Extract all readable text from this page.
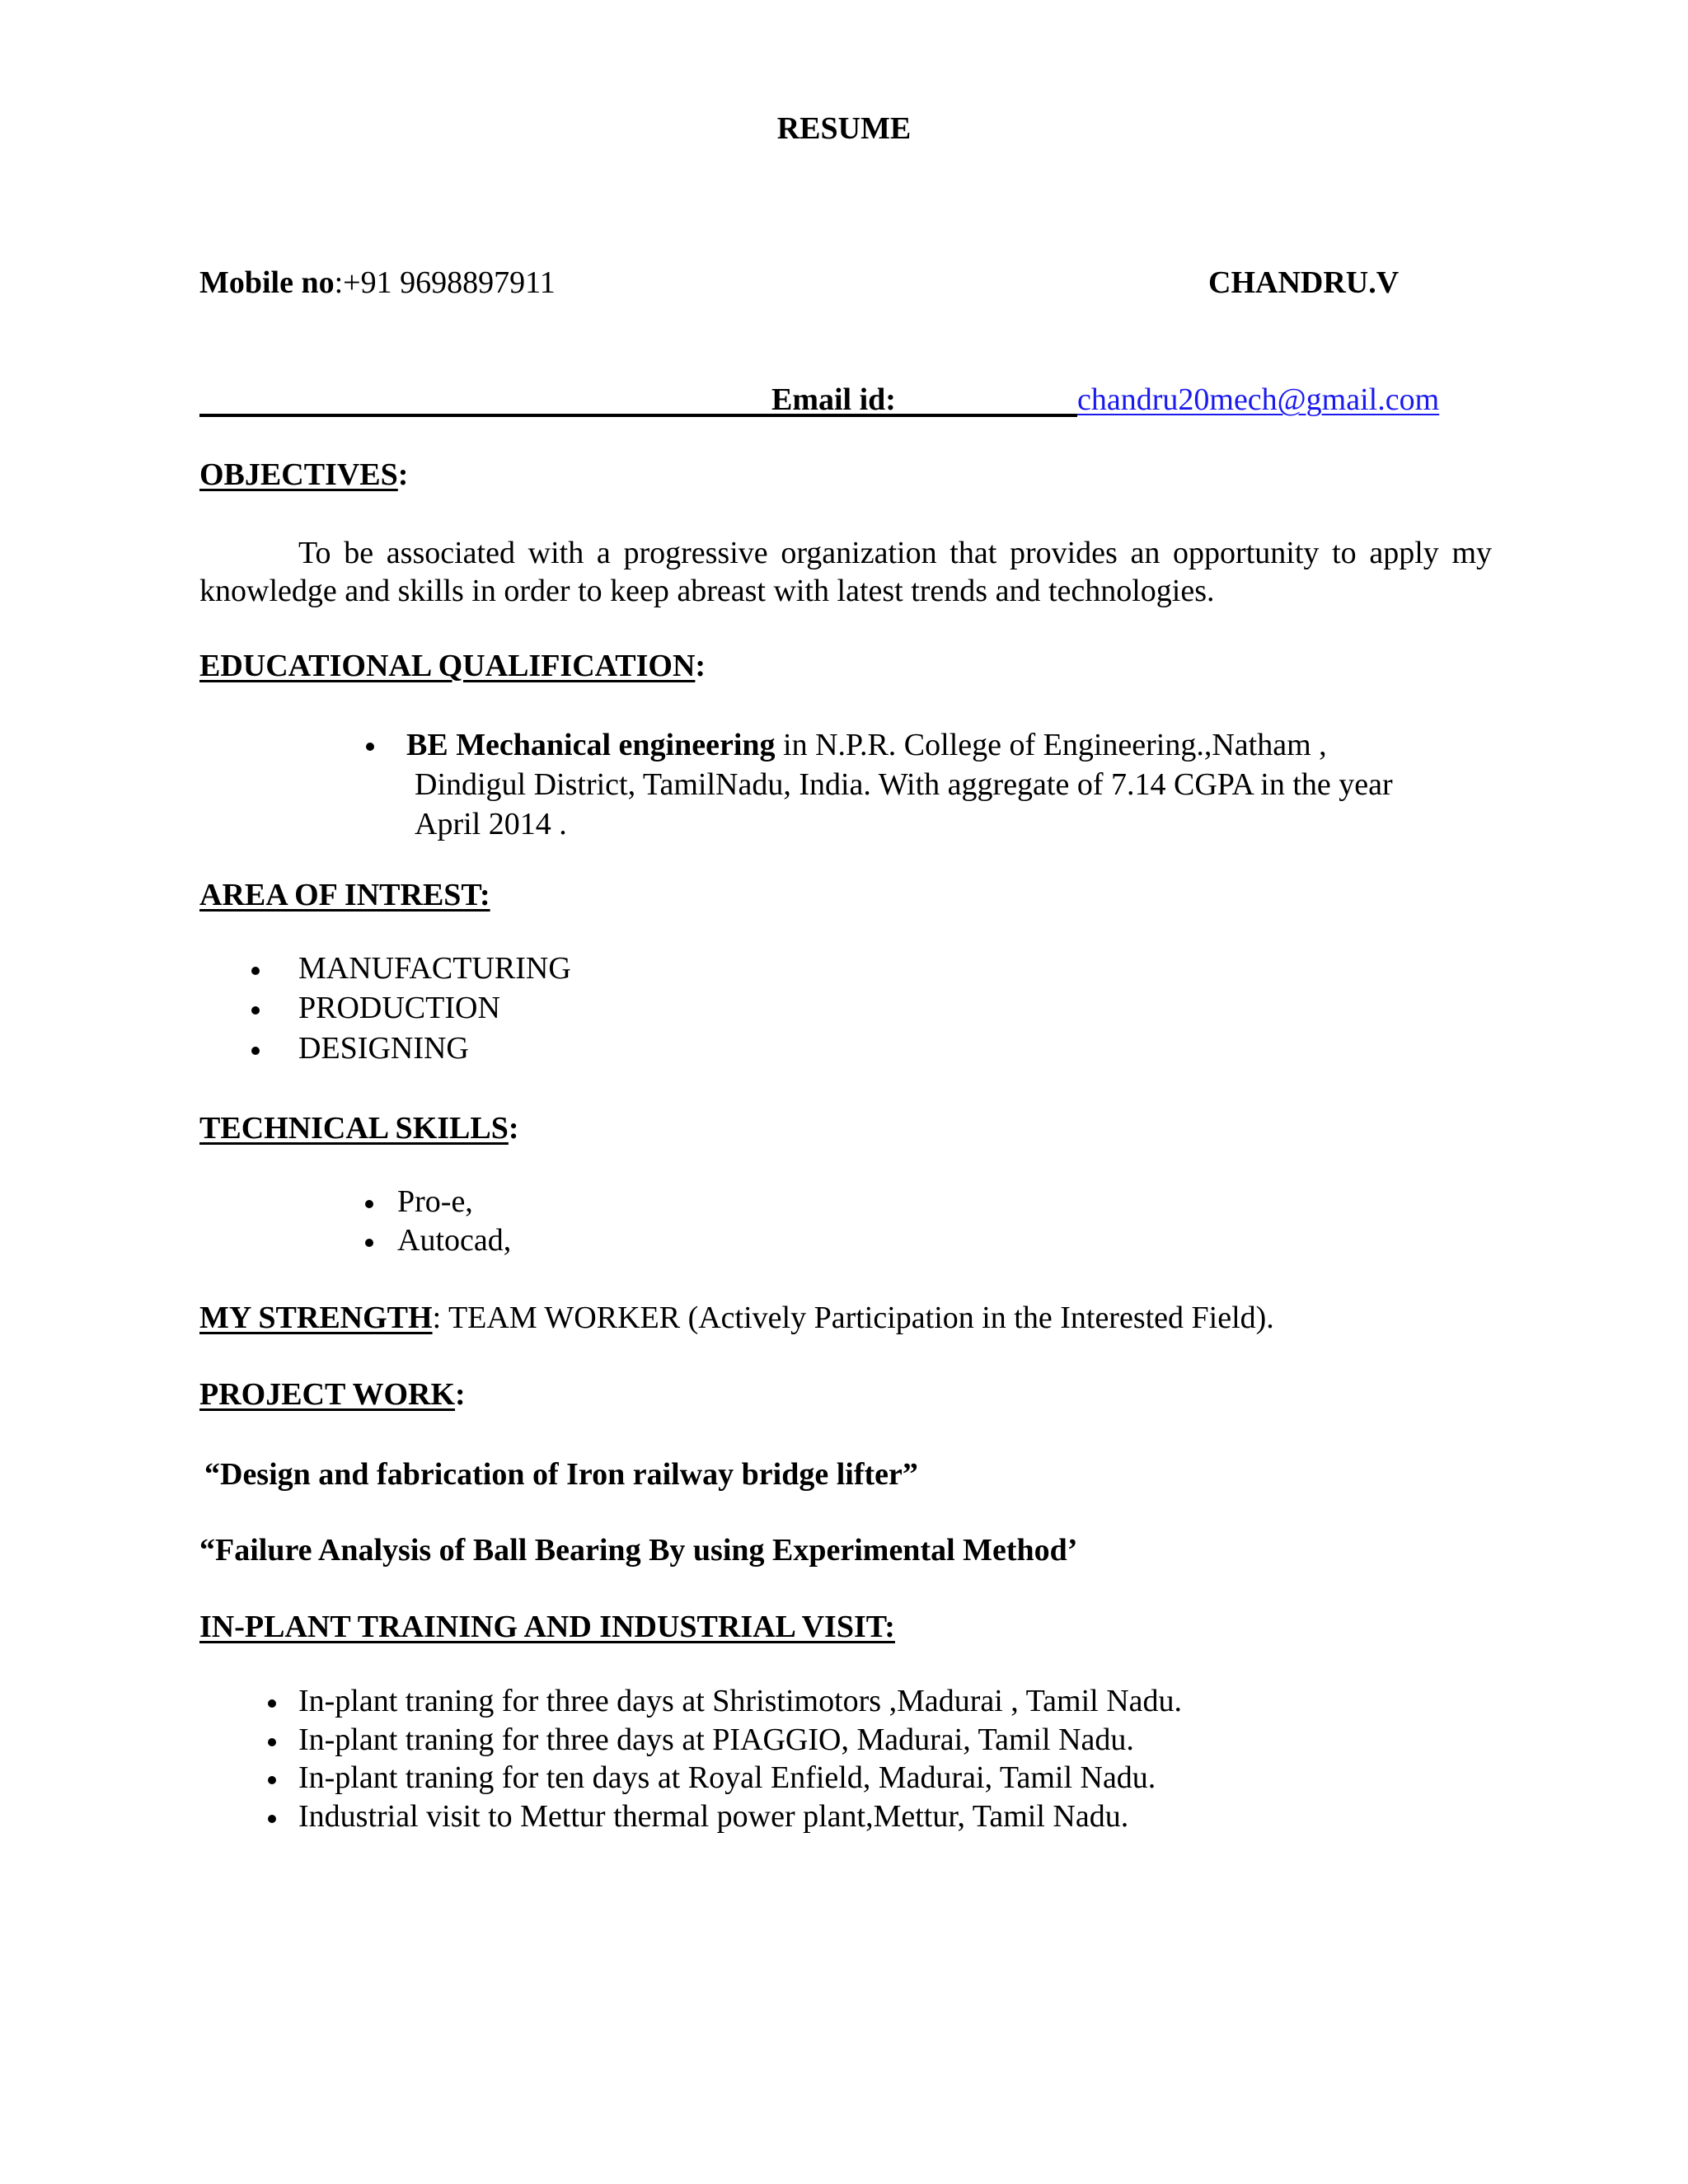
RESUME
Mobile no:+91 9698897911	CHANDRU.V
Email id:	chandru20mech@gmail.com
OBJECTIVES:

To be associated with a progressive organization that provides an opportunity to apply my knowledge and skills in order to keep abreast with latest trends and technologies.

EDUCATIONAL QUALIFICATION:

BE Mechanical engineering in N.P.R. College of Engineering.,Natham ,

Dindigul District, TamilNadu, India. With aggregate of 7.14 CGPA in the year

April 2014 .

AREA OF INTREST:
MANUFACTURING
PRODUCTION
DESIGNING
TECHNICAL SKILLS:
Pro-e,
Autocad,
MY STRENGTH: TEAM WORKER (Actively Participation in the Interested Field).
PROJECT WORK:
“Design and fabrication of Iron railway bridge lifter”
“Failure Analysis of Ball Bearing By using Experimental Method’
IN-PLANT TRAINING AND INDUSTRIAL VISIT:
In-plant traning for three days at Shristimotors ,Madurai , Tamil Nadu.
In-plant traning for three days at PIAGGIO, Madurai, Tamil Nadu.
In-plant traning for ten days at Royal Enfield, Madurai, Tamil Nadu.
Industrial visit to Mettur thermal power plant,Mettur, Tamil Nadu.
